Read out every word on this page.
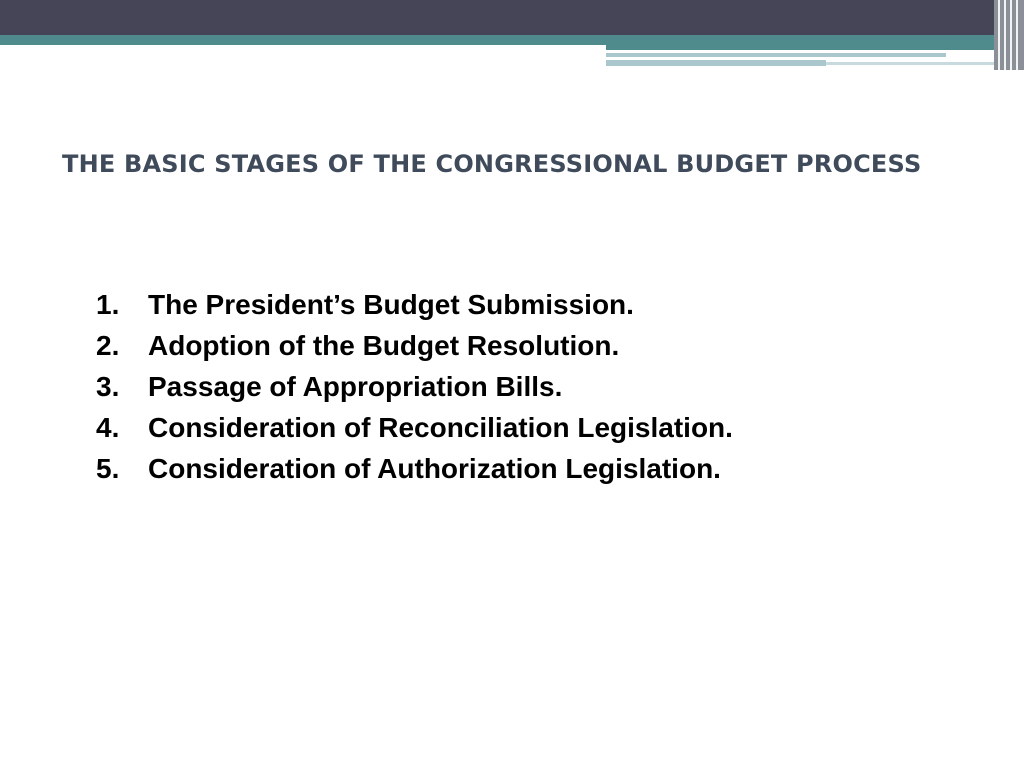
THE BASIC STAGES OF THE CONGRESSIONAL BUDGET PROCESS
1.	The President’s Budget Submission.
2.	Adoption of the Budget Resolution.
3.	Passage of Appropriation Bills.
4.	Consideration of Reconciliation Legislation.
5.	Consideration of Authorization Legislation.
